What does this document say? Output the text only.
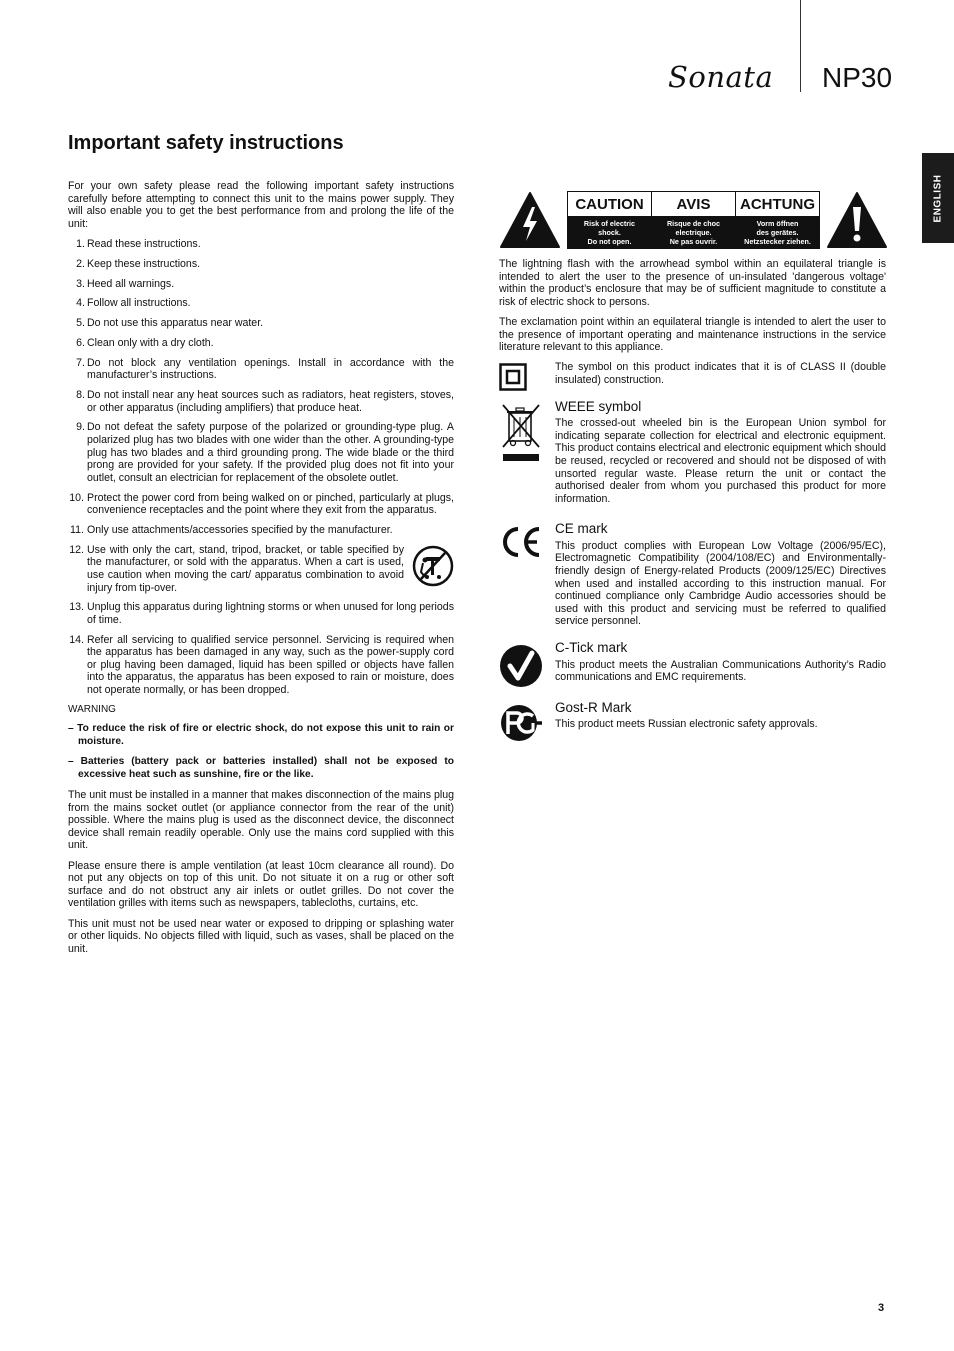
Sonata NP30
ENGLISH
Important safety instructions

For your own safety please read the following important safety instructions carefully before attempting to connect this unit to the mains power supply. They will also enable you to get the best performance from and prolong the life of the unit:

1. Read these instructions.
2. Keep these instructions.
3. Heed all warnings.
4. Follow all instructions.
5. Do not use this apparatus near water.
6. Clean only with a dry cloth.
7. Do not block any ventilation openings. Install in accordance with the manufacturer’s instructions.
8. Do not install near any heat sources such as radiators, heat registers, stoves, or other apparatus (including amplifiers) that produce heat.
9. Do not defeat the safety purpose of the polarized or grounding-type plug. A polarized plug has two blades with one wider than the other. A grounding-type plug has two blades and a third grounding prong. The wide blade or the third prong are provided for your safety. If the provided plug does not fit into your outlet, consult an electrician for replacement of the obsolete outlet.
10. Protect the power cord from being walked on or pinched, particularly at plugs, convenience receptacles and the point where they exit from the apparatus.
11. Only use attachments/accessories specified by the manufacturer.
12. Use with only the cart, stand, tripod, bracket, or table specified by the manufacturer, or sold with the apparatus. When a cart is used, use caution when moving the cart/ apparatus combination to avoid injury from tip-over.
13. Unplug this apparatus during lightning storms or when unused for long periods of time.
14. Refer all servicing to qualified service personnel. Servicing is required when the apparatus has been damaged in any way, such as the power-supply cord or plug having been damaged, liquid has been spilled or objects have fallen into the apparatus, the apparatus has been exposed to rain or moisture, does not operate normally, or has been dropped.

WARNING

– To reduce the risk of fire or electric shock, do not expose this unit to rain or moisture.

– Batteries (battery pack or batteries installed) shall not be exposed to excessive heat such as sunshine, fire or the like.

The unit must be installed in a manner that makes disconnection of the mains plug from the mains socket outlet (or appliance connector from the rear of the unit) possible. Where the mains plug is used as the disconnect device, the disconnect device shall remain readily operable. Only use the mains cord supplied with this unit.

Please ensure there is ample ventilation (at least 10cm clearance all round). Do not put any objects on top of this unit. Do not situate it on a rug or other soft surface and do not obstruct any air inlets or outlet grilles. Do not cover the ventilation grilles with items such as newspapers, tablecloths, curtains, etc.

This unit must not be used near water or exposed to dripping or splashing water or other liquids. No objects filled with liquid, such as vases, shall be placed on the unit.

CAUTION
Risk of electric
shock.
Do not open.
AVIS
Risque de choc
electrique.
Ne pas ouvrir.
ACHTUNG
Vorm öffnen
des gerätes.
Netzstecker ziehen.

The lightning flash with the arrowhead symbol within an equilateral triangle is intended to alert the user to the presence of un-insulated 'dangerous voltage' within the product’s enclosure that may be of sufficient magnitude to constitute a risk of electric shock to persons.

The exclamation point within an equilateral triangle is intended to alert the user to the presence of important operating and maintenance instructions in the service literature relevant to this appliance.

The symbol on this product indicates that it is of CLASS II (double insulated) construction.

WEEE symbol

The crossed-out wheeled bin is the European Union symbol for indicating separate collection for electrical and electronic equipment. This product contains electrical and electronic equipment which should be reused, recycled or recovered and should not be disposed of with unsorted regular waste. Please return the unit or contact the authorised dealer from whom you purchased this product for more information.

CE mark

This product complies with European Low Voltage (2006/95/EC), Electromagnetic Compatibility (2004/108/EC) and Environmentally-friendly design of Energy-related Products (2009/125/EC) Directives when used and installed according to this instruction manual. For continued compliance only Cambridge Audio accessories should be used with this product and servicing must be referred to qualified service personnel.

C-Tick mark

This product meets the Australian Communications Authority’s Radio communications and EMC requirements.

Gost-R Mark

This product meets Russian electronic safety approvals.

3
